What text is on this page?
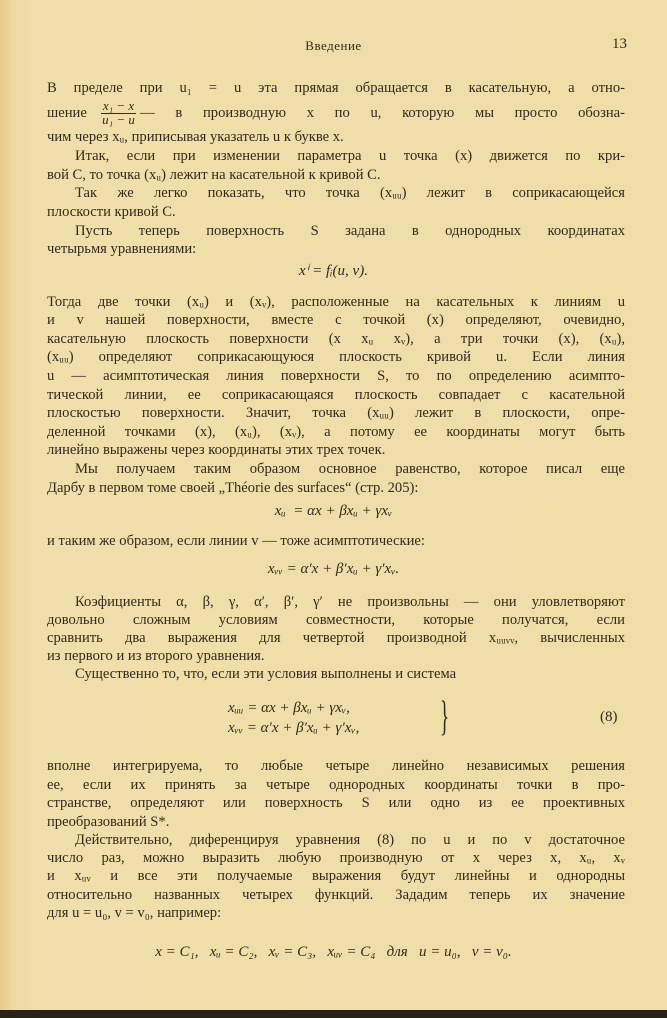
Введение	13
В пределе при u₁ = u эта прямая обращается в касательную, а отно-
чим через xᵤ, приписывая указатель u к букве x.
Итак, если при изменении параметра u точка (x) движется по кри-
вой C, то точка (xᵤ) лежит на касательной к кривой C.
Так же легко показать, что точка (xᵤᵤ) лежит в соприкасающейся
плоскости кривой C.
Пусть теперь поверхность S задана в однородных координатах
четырьмя уравнениями:
Тогда две точки (xᵤ) и (xᵥ), расположенные на касательных к линиям u
и v нашей поверхности, вместе с точкой (x) определяют, очевидно,
касательную плоскость поверхности (x xᵤ xᵥ), а три точки (x), (xᵤ),
(xᵤᵤ) определяют соприкасающуюся плоскость кривой u. Если линия
u — асимптотическая линия поверхности S, то по определению асимпто-
тической линии, ее соприкасающаяся плоскость совпадает с касательной
плоскостью поверхности. Значит, точка (xᵤᵤ) лежит в плоскости, опре-
деленной точками (x), (xᵤ), (xᵥ), а потому ее координаты могут быть
линейно выражены через координаты этих трех точек.
Мы получаем таким образом основное равенство, которое писал еще
Дарбу в первом томе своей „Théorie des surfaces“ (стр. 205):
и таким же образом, если линии v — тоже асимптотические:
Коэфициенты α, β, γ, α′, β′, γ′ не произвольны — они уловлетворяют
довольно сложным условиям совместности, которые получатся, если
сравнить два выражения для четвертой производной xᵤᵤᵥᵥ, вычисленных
из первого и из второго уравнения.
Существенно то, что, если эти условия выполнены и система
вполне интегрируема, то любые четыре линейно независимых решения
ее, если их принять за четыре однородных координаты точки в про-
странстве, определяют или поверхность S или одно из ее проективных
преобразований S*.
Действительно, диференцируя уравнения (8) по u и по v достаточное
число раз, можно выразить любую производную от x через x, xᵤ, xᵥ
и xᵤᵥ и все эти получаемые выражения будут линейны и однородны
относительно названных четырех функций. Зададим теперь их значение
для u = u₀, v = v₀, например:
шение $\frac{\text{x₁ − x}}{\text{u₁ − u}}$ — в производную x по u, которую мы просто обозна-
xⁱ = fᵢ(u, v).
xᵤ  = αx + βxᵤ + γxᵥ
xᵥᵥ = α′x + β′xᵤ + γ′xᵥ.
xᵤᵤ = αx + βxᵤ + γxᵥ,
xᵥᵥ = α′x + β′xᵤ + γ′xᵥ, }	(8)
x = C₁,   xᵤ = C₂,   xᵥ = C₃,   xᵤᵥ = C₄   для   u = u₀,   v = v₀.
